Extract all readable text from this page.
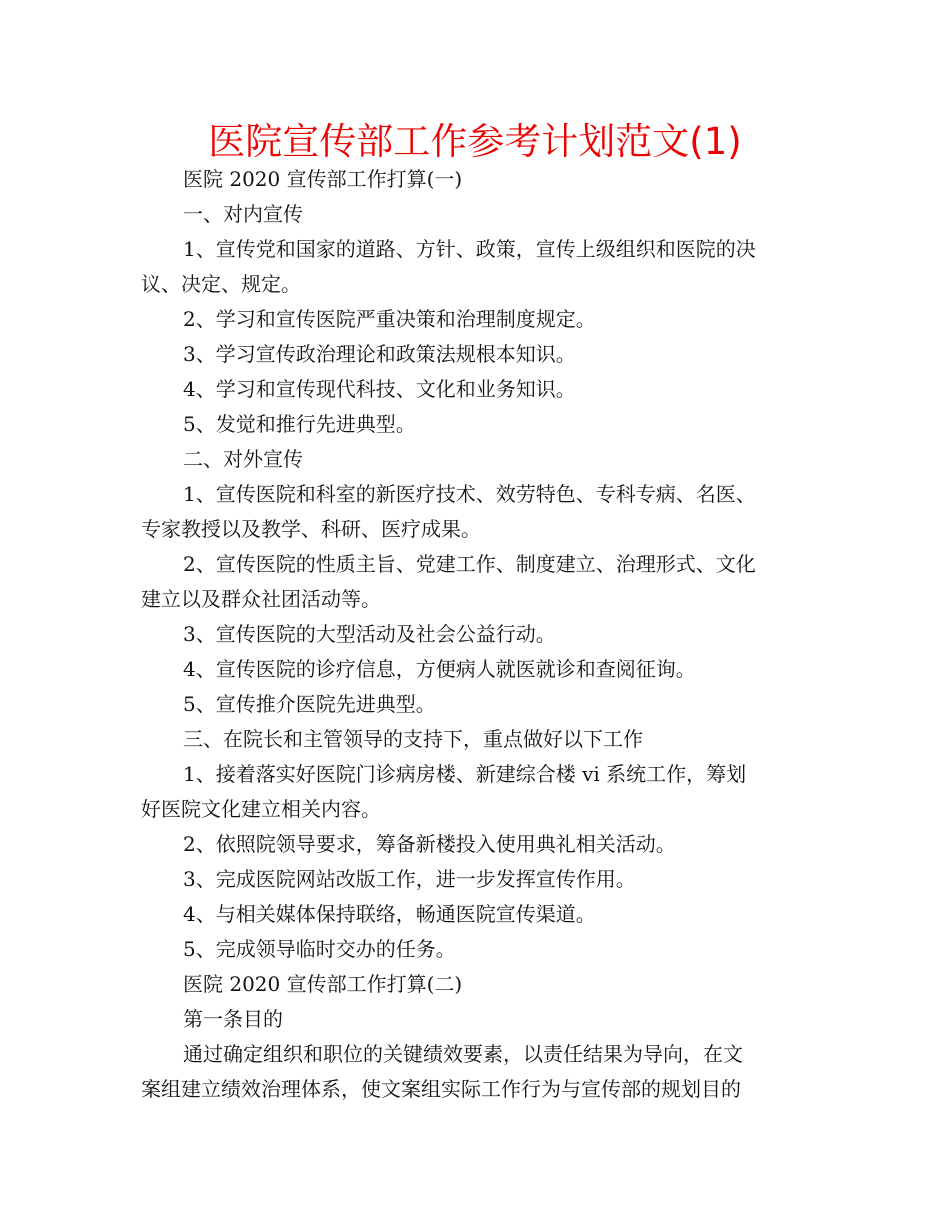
医院宣传部工作参考计划范文(1)

医院 2020 宣传部工作打算(一)

一、对内宣传

1、宣传党和国家的道路、方针、政策，宣传上级组织和医院的决

议、决定、规定。

2、学习和宣传医院严重决策和治理制度规定。

3、学习宣传政治理论和政策法规根本知识。

4、学习和宣传现代科技、文化和业务知识。

5、发觉和推行先进典型。

二、对外宣传

1、宣传医院和科室的新医疗技术、效劳特色、专科专病、名医、

专家教授以及教学、科研、医疗成果。

2、宣传医院的性质主旨、党建工作、制度建立、治理形式、文化

建立以及群众社团活动等。

3、宣传医院的大型活动及社会公益行动。

4、宣传医院的诊疗信息，方便病人就医就诊和查阅征询。

5、宣传推介医院先进典型。

三、在院长和主管领导的支持下，重点做好以下工作

1、接着落实好医院门诊病房楼、新建综合楼 vi 系统工作，筹划

好医院文化建立相关内容。

2、依照院领导要求，筹备新楼投入使用典礼相关活动。

3、完成医院网站改版工作，进一步发挥宣传作用。

4、与相关媒体保持联络，畅通医院宣传渠道。

5、完成领导临时交办的任务。

医院 2020 宣传部工作打算(二)

第一条目的

通过确定组织和职位的关键绩效要素，以责任结果为导向，在文

案组建立绩效治理体系，使文案组实际工作行为与宣传部的规划目的
